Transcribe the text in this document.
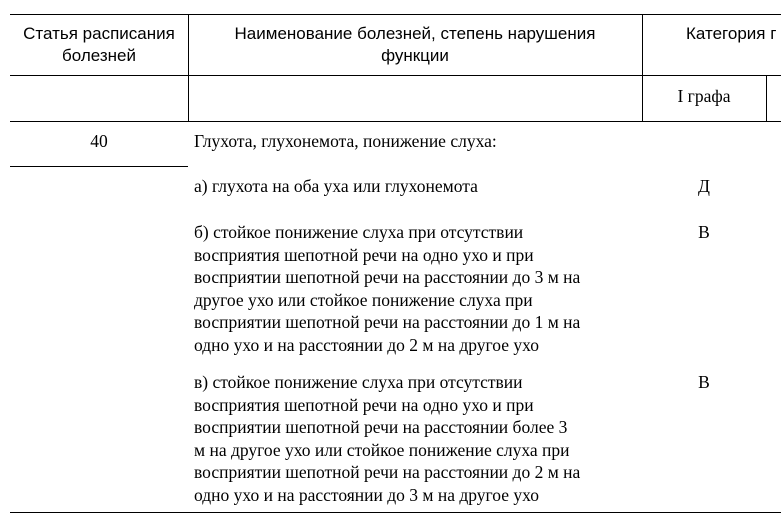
Статья расписания
болезней
Наименование болезней, степень нарушения
функции
Категория г
I графа
40	Глухота, глухонемота, понижение слуха:
а) глухота на оба уха или глухонемота	Д
б) стойкое понижение слуха при отсутствии
восприятия шепотной речи на одно ухо и при
восприятии шепотной речи на расстоянии до 3 м на
другое ухо или стойкое понижение слуха при
восприятии шепотной речи на расстоянии до 1 м на
одно ухо и на расстоянии до 2 м на другое ухо
В
в) стойкое понижение слуха при отсутствии
восприятия шепотной речи на одно ухо и при
восприятии шепотной речи на расстоянии более 3
м на другое ухо или стойкое понижение слуха при
восприятии шепотной речи на расстоянии до 2 м на
одно ухо и на расстоянии до 3 м на другое ухо
В
